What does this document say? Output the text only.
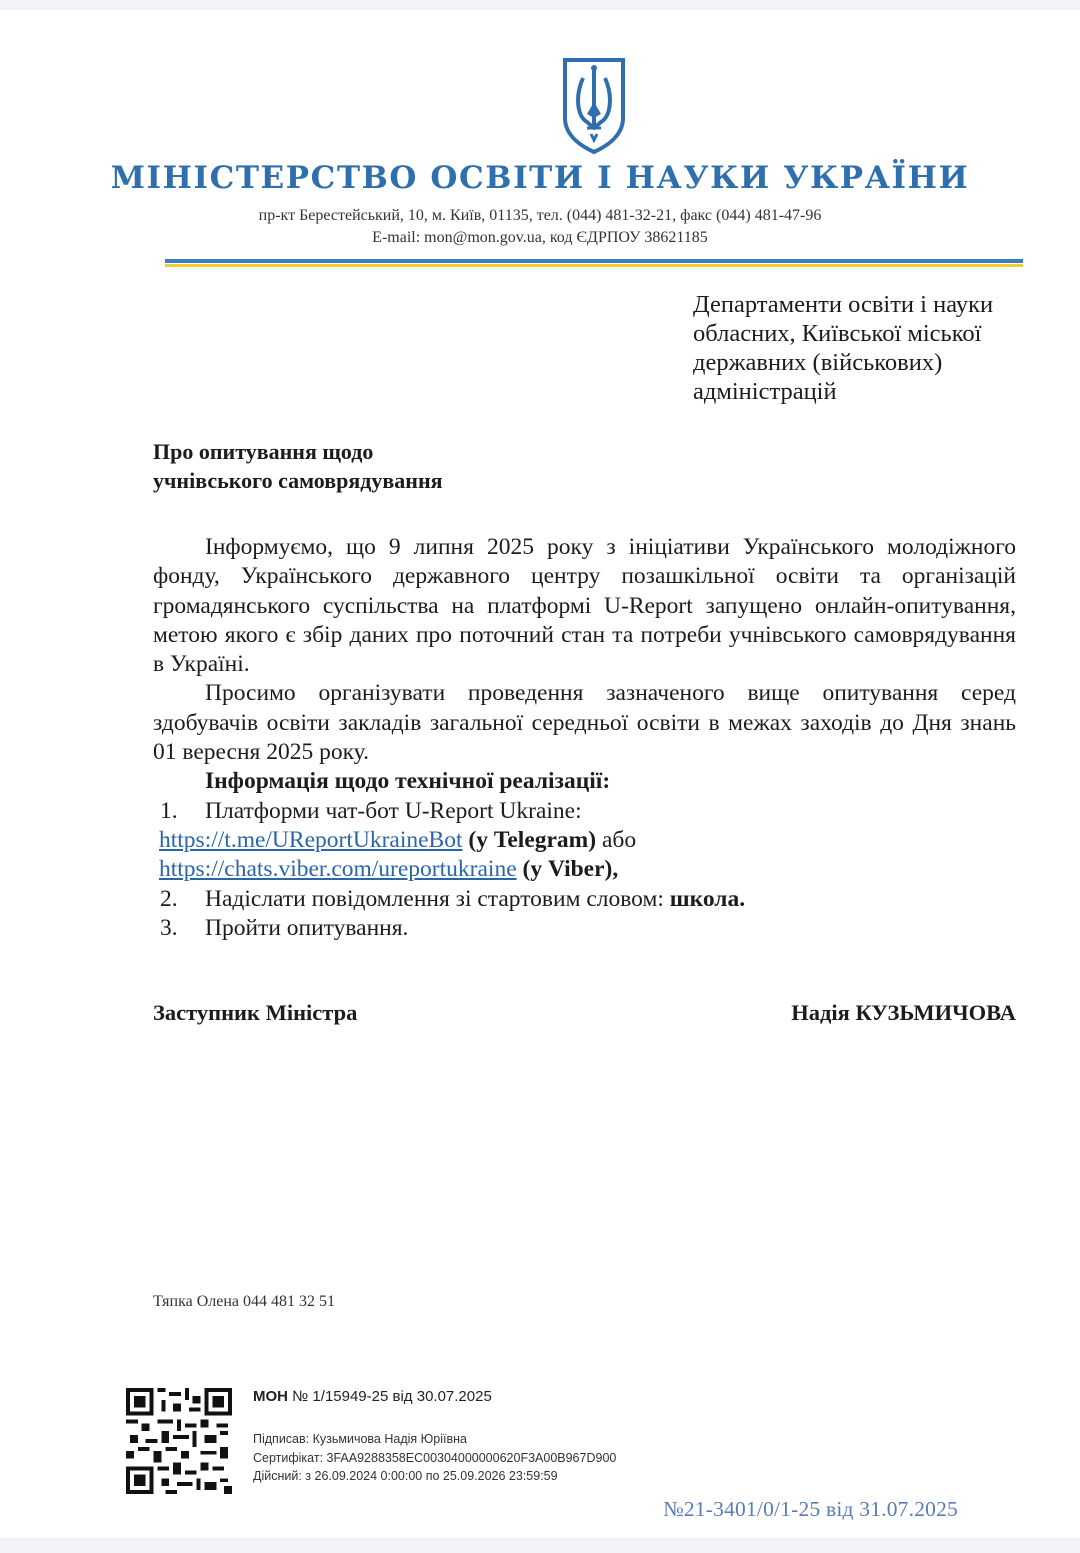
МІНІСТЕРСТВО ОСВІТИ І НАУКИ УКРАЇНИ
пр-кт Берестейський, 10, м. Київ, 01135, тел. (044) 481-32-21, факс (044) 481-47-96
E-mail: mon@mon.gov.ua, код ЄДРПОУ 38621185
Департаменти освіти і науки
обласних, Київської міської
державних (військових)
адміністрацій
Про опитування щодо
учнівського самоврядування

Інформуємо, що 9 липня 2025 року з ініціативи Українського молодіжного фонду, Українського державного центру позашкільної освіти та організацій громадянського суспільства на платформі U-Report запущено онлайн-опитування, метою якого є збір даних про поточний стан та потреби учнівського самоврядування в Україні.

Просимо організувати проведення зазначеного вище опитування серед здобувачів освіти закладів загальної середньої освіти в межах заходів до Дня знань 01 вересня 2025 року.

Інформація щодо технічної реалізації:
1. Платформи чат-бот U-Report Ukraine:
https://t.me/UReportUkraineBot (у Telegram) або
https://chats.viber.com/ureportukraine (у Viber),
2. Надіслати повідомлення зі стартовим словом: школа.
3. Пройти опитування.
Заступник Міністра	Надія КУЗЬМИЧОВА
Тяпка Олена 044 481 32 51
МОН № 1/15949-25 від 30.07.2025
Підписав: Кузьмичова Надія Юріївна
Сертифікат: 3FAA9288358EC00304000000620F3A00B967D900
Дійсний: з 26.09.2024 0:00:00 по 25.09.2026 23:59:59
№21-3401/0/1-25 від 31.07.2025
